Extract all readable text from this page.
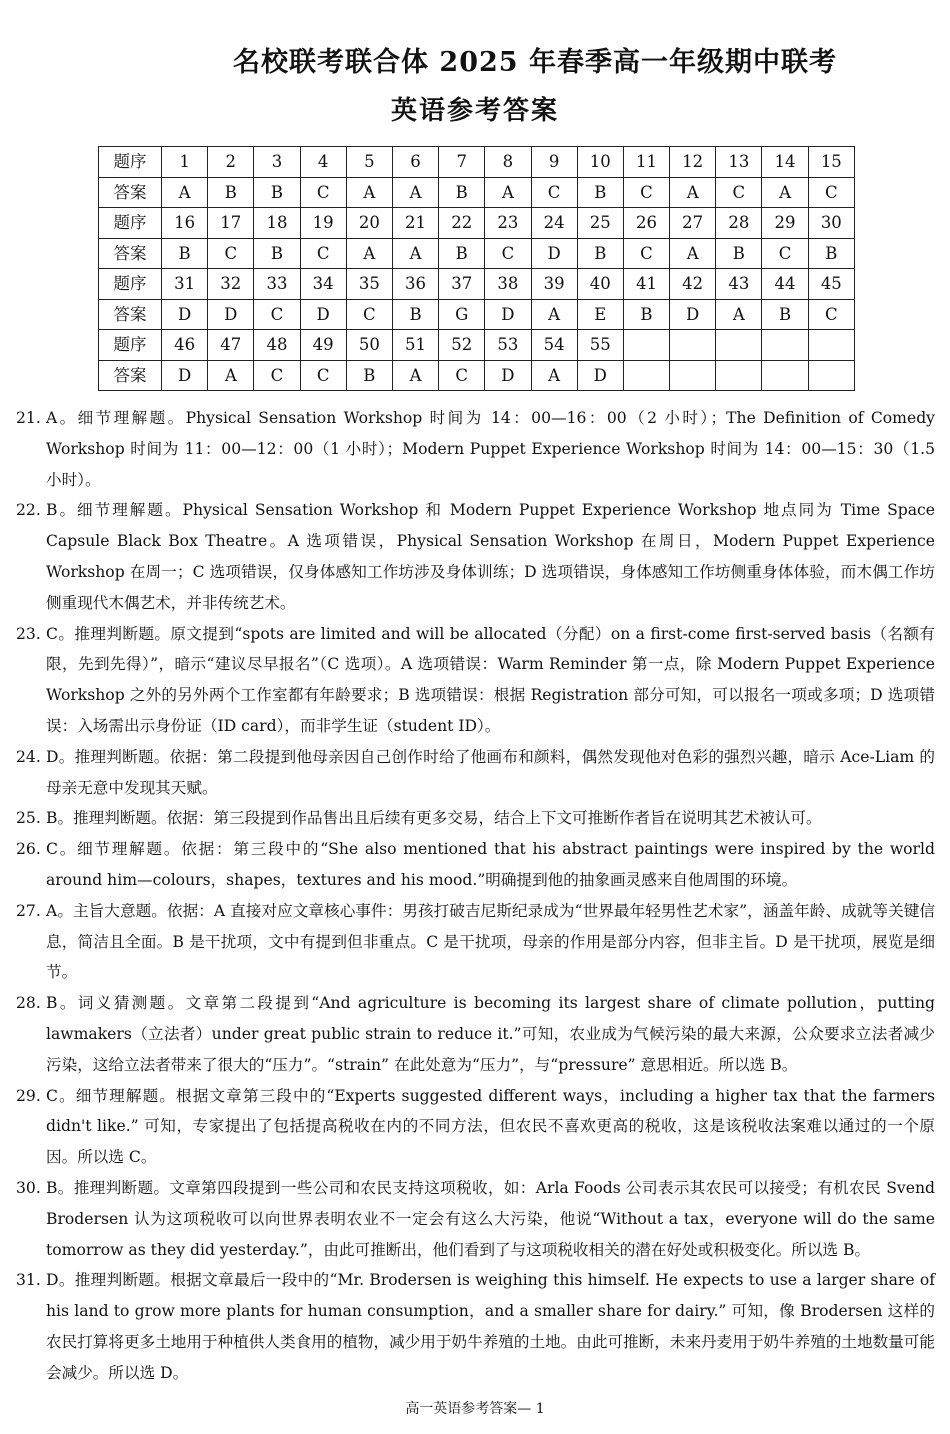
名校联考联合体 2025 年春季高一年级期中联考
英语参考答案
题序	1	2	3	4	5	6	7	8	9	10	11	12	13	14	15
答案	A	B	B	C	A	A	B	A	C	B	C	A	C	A	C
题序	16	17	18	19	20	21	22	23	24	25	26	27	28	29	30
答案	B	C	B	C	A	A	B	C	D	B	C	A	B	C	B
题序	31	32	33	34	35	36	37	38	39	40	41	42	43	44	45
答案	D	D	C	D	C	B	G	D	A	E	B	D	A	B	C
题序	46	47	48	49	50	51	52	53	54	55					
答案	D	A	C	C	B	A	C	D	A	D					
21. A。细节理解题。Physical Sensation Workshop 时间为 14：00—16：00（2 小时）；The Definition of Comedy Workshop 时间为 11：00—12：00（1 小时）；Modern Puppet Experience Workshop 时间为 14：00—15：30（1.5 小时）。
22. B。细节理解题。Physical Sensation Workshop 和 Modern Puppet Experience Workshop 地点同为 Time Space Capsule Black Box Theatre。A 选项错误，Physical Sensation Workshop 在周日，Modern Puppet Experience Workshop 在周一；C 选项错误，仅身体感知工作坊涉及身体训练；D 选项错误，身体感知工作坊侧重身体体验，而木偶工作坊侧重现代木偶艺术，并非传统艺术。
23. C。推理判断题。原文提到“spots are limited and will be allocated（分配）on a first-come first-served basis（名额有限，先到先得）”，暗示“建议尽早报名”（C 选项）。A 选项错误：Warm Reminder 第一点，除 Modern Puppet Experience Workshop 之外的另外两个工作室都有年龄要求；B 选项错误：根据 Registration 部分可知，可以报名一项或多项；D 选项错误：入场需出示身份证（ID card），而非学生证（student ID）。
24. D。推理判断题。依据：第二段提到他母亲因自己创作时给了他画布和颜料，偶然发现他对色彩的强烈兴趣，暗示 Ace-Liam 的母亲无意中发现其天赋。
25. B。推理判断题。依据：第三段提到作品售出且后续有更多交易，结合上下文可推断作者旨在说明其艺术被认可。
26. C。细节理解题。依据：第三段中的“She also mentioned that his abstract paintings were inspired by the world around him—colours，shapes，textures and his mood.”明确提到他的抽象画灵感来自他周围的环境。
27. A。主旨大意题。依据：A 直接对应文章核心事件：男孩打破吉尼斯纪录成为“世界最年轻男性艺术家”，涵盖年龄、成就等关键信息，简洁且全面。B 是干扰项，文中有提到但非重点。C 是干扰项，母亲的作用是部分内容，但非主旨。D 是干扰项，展览是细节。
28. B。词义猜测题。文章第二段提到“And agriculture is becoming its largest share of climate pollution，putting lawmakers（立法者）under great public strain to reduce it.”可知，农业成为气候污染的最大来源，公众要求立法者减少污染，这给立法者带来了很大的“压力”。“strain” 在此处意为“压力”，与“pressure” 意思相近。所以选 B。
29. C。细节理解题。根据文章第三段中的“Experts suggested different ways，including a higher tax that the farmers didn't like.” 可知，专家提出了包括提高税收在内的不同方法，但农民不喜欢更高的税收，这是该税收法案难以通过的一个原因。所以选 C。
30. B。推理判断题。文章第四段提到一些公司和农民支持这项税收，如：Arla Foods 公司表示其农民可以接受；有机农民 Svend Brodersen 认为这项税收可以向世界表明农业不一定会有这么大污染，他说“Without a tax，everyone will do the same tomorrow as they did yesterday.”，由此可推断出，他们看到了与这项税收相关的潜在好处或积极变化。所以选 B。
31. D。推理判断题。根据文章最后一段中的“Mr. Brodersen is weighing this himself. He expects to use a larger share of his land to grow more plants for human consumption，and a smaller share for dairy.” 可知，像 Brodersen 这样的农民打算将更多土地用于种植供人类食用的植物，减少用于奶牛养殖的土地。由此可推断，未来丹麦用于奶牛养殖的土地数量可能会减少。所以选 D。
高一英语参考答案— 1
